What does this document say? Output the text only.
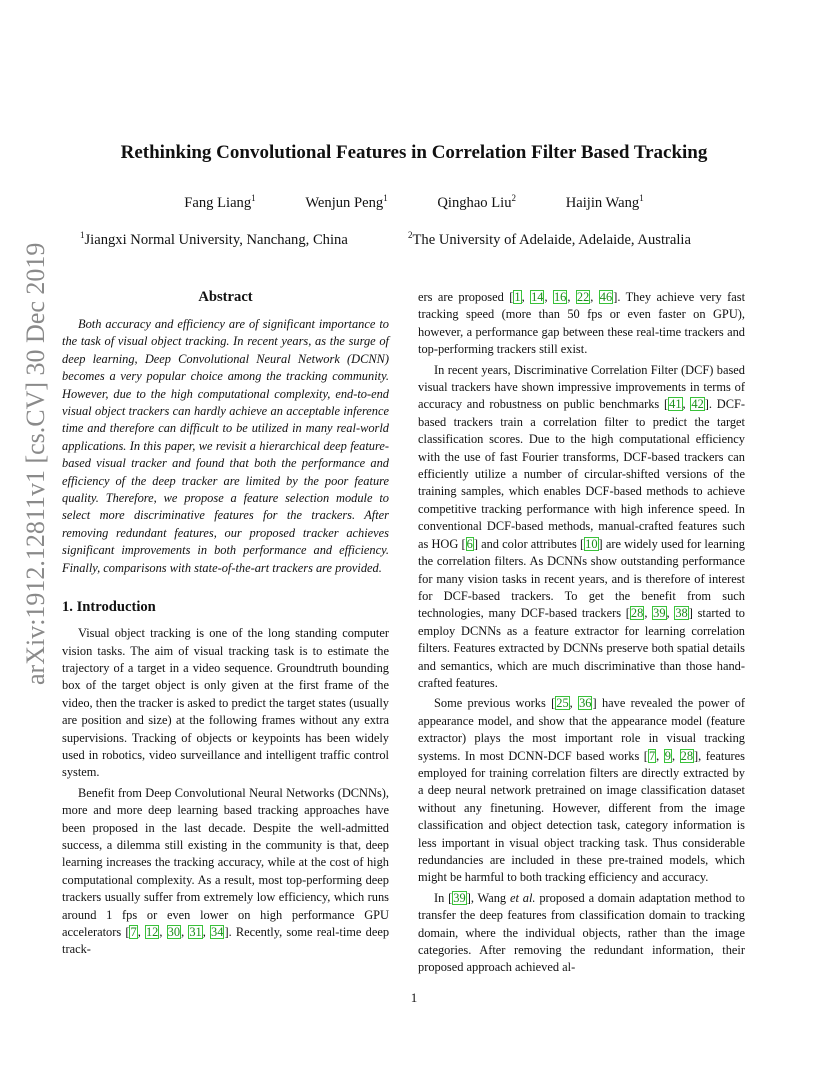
arXiv:1912.12811v1 [cs.CV] 30 Dec 2019
Rethinking Convolutional Features in Correlation Filter Based Tracking
Fang Liang$^1$	Wenjun Peng$^1$	Qinghao Liu$^2$	Haijin Wang$^1$
$^1$Jiangxi Normal University, Nanchang, China	$^2$The University of Adelaide, Adelaide, Australia
Abstract

Both accuracy and efficiency are of significant importance to the task of visual object tracking. In recent years, as the surge of deep learning, Deep Convolutional Neural Network (DCNN) becomes a very popular choice among the tracking community. However, due to the high computational complexity, end-to-end visual object trackers can hardly achieve an acceptable inference time and therefore can difficult to be utilized in many real-world applications. In this paper, we revisit a hierarchical deep feature-based visual tracker and found that both the performance and efficiency of the deep tracker are limited by the poor feature quality. Therefore, we propose a feature selection module to select more discriminative features for the trackers. After removing redundant features, our proposed tracker achieves significant improvements in both performance and efficiency. Finally, comparisons with state-of-the-art trackers are provided.

1. Introduction

Visual object tracking is one of the long standing computer vision tasks. The aim of visual tracking task is to estimate the trajectory of a target in a video sequence. Groundtruth bounding box of the target object is only given at the first frame of the video, then the tracker is asked to predict the target states (usually are position and size) at the following frames without any extra supervisions. Tracking of objects or keypoints has been widely used in robotics, video surveillance and intelligent traffic control system.

Benefit from Deep Convolutional Neural Networks (DCNNs), more and more deep learning based tracking approaches have been proposed in the last decade. Despite the well-admitted success, a dilemma still existing in the community is that, deep learning increases the tracking accuracy, while at the cost of high computational complexity. As a result, most top-performing deep trackers usually suffer from extremely low efficiency, which runs around 1 fps or even lower on high performance GPU accelerators [7, 12, 30, 31, 34]. Recently, some real-time deep track-

ers are proposed [1, 14, 16, 22, 46]. They achieve very fast tracking speed (more than 50 fps or even faster on GPU), however, a performance gap between these real-time trackers and top-performing trackers still exist.

In recent years, Discriminative Correlation Filter (DCF) based visual trackers have shown impressive improvements in terms of accuracy and robustness on public benchmarks [41, 42]. DCF-based trackers train a correlation filter to predict the target classification scores. Due to the high computational efficiency with the use of fast Fourier transforms, DCF-based trackers can efficiently utilize a number of circular-shifted versions of the training samples, which enables DCF-based methods to achieve competitive tracking performance with high inference speed. In conventional DCF-based methods, manual-crafted features such as HOG [6] and color attributes [10] are widely used for learning the correlation filters. As DCNNs show outstanding performance for many vision tasks in recent years, and is therefore of interest for DCF-based trackers. To get the benefit from such technologies, many DCF-based trackers [28, 39, 38] started to employ DCNNs as a feature extractor for learning correlation filters. Features extracted by DCNNs preserve both spatial details and semantics, which are much discriminative than those hand-crafted features.

Some previous works [25, 36] have revealed the power of appearance model, and show that the appearance model (feature extractor) plays the most important role in visual tracking systems. In most DCNN-DCF based works [7, 9, 28], features employed for training correlation filters are directly extracted by a deep neural network pretrained on image classification dataset without any finetuning. However, different from the image classification and object detection task, category information is less important in visual object tracking task. Thus considerable redundancies are included in these pre-trained models, which might be harmful to both tracking efficiency and accuracy.

In [39], Wang et al. proposed a domain adaptation method to transfer the deep features from classification domain to tracking domain, where the individual objects, rather than the image categories. After removing the redundant information, their proposed approach achieved al-

1
